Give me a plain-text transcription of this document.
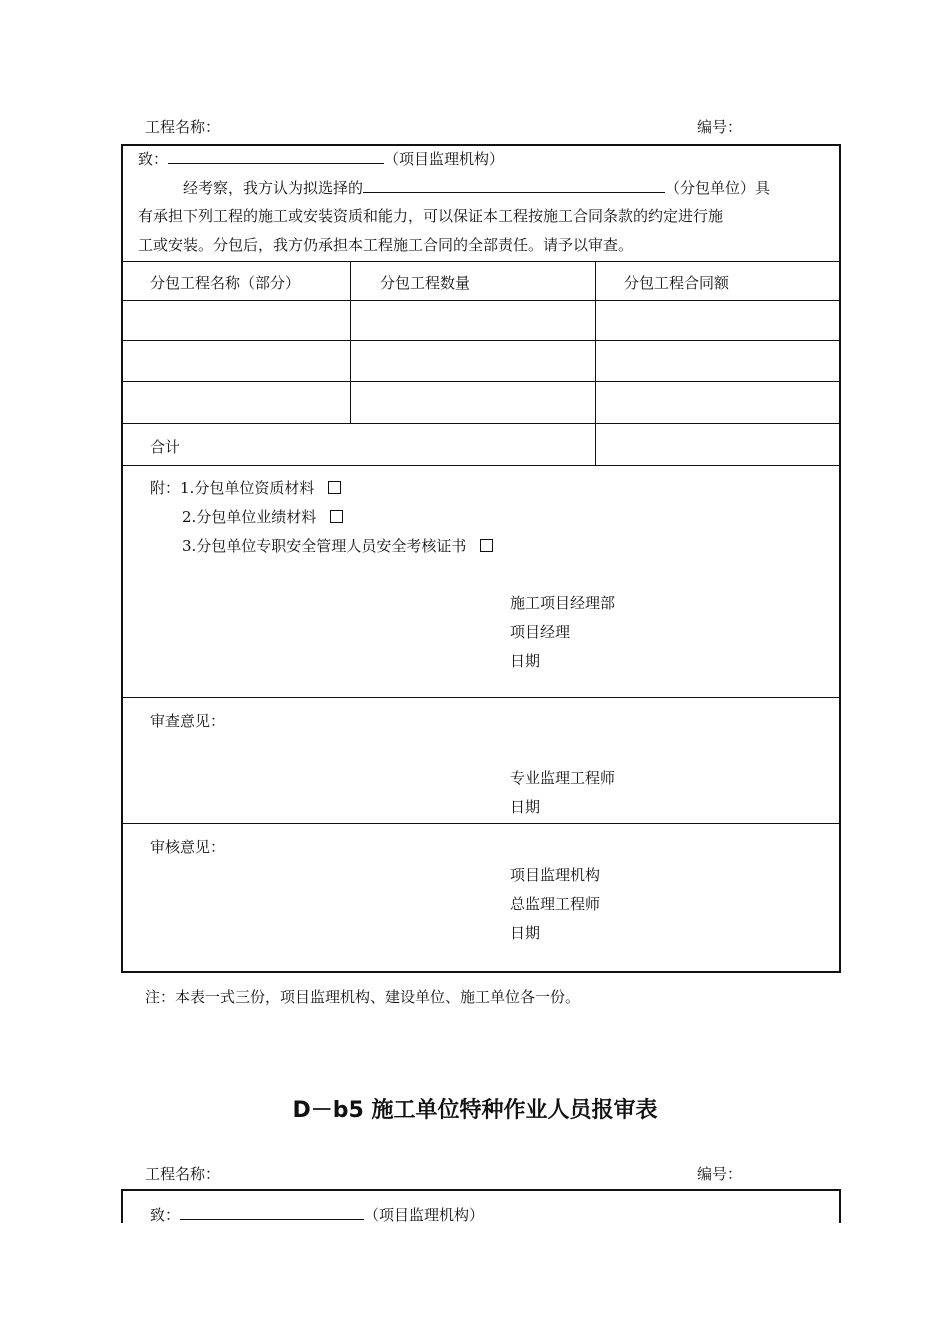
工程名称：	编号：
致：	（项目监理机构）
经考察，我方认为拟选择的	（分包单位）具
有承担下列工程的施工或安装资质和能力，可以保证本工程按施工合同条款的约定进行施
工或安装。分包后，我方仍承担本工程施工合同的全部责任。请予以审查。
分包工程名称（部分）	分包工程数量	分包工程合同额
合计
附：1.分包单位资质材料
2.分包单位业绩材料
3.分包单位专职安全管理人员安全考核证书
施工项目经理部
项目经理
日期
审查意见：
专业监理工程师
日期
审核意见：
项目监理机构
总监理工程师
日期
注：本表一式三份，项目监理机构、建设单位、施工单位各一份。
D－b5 施工单位特种作业人员报审表
工程名称：	编号：
致：	（项目监理机构）
